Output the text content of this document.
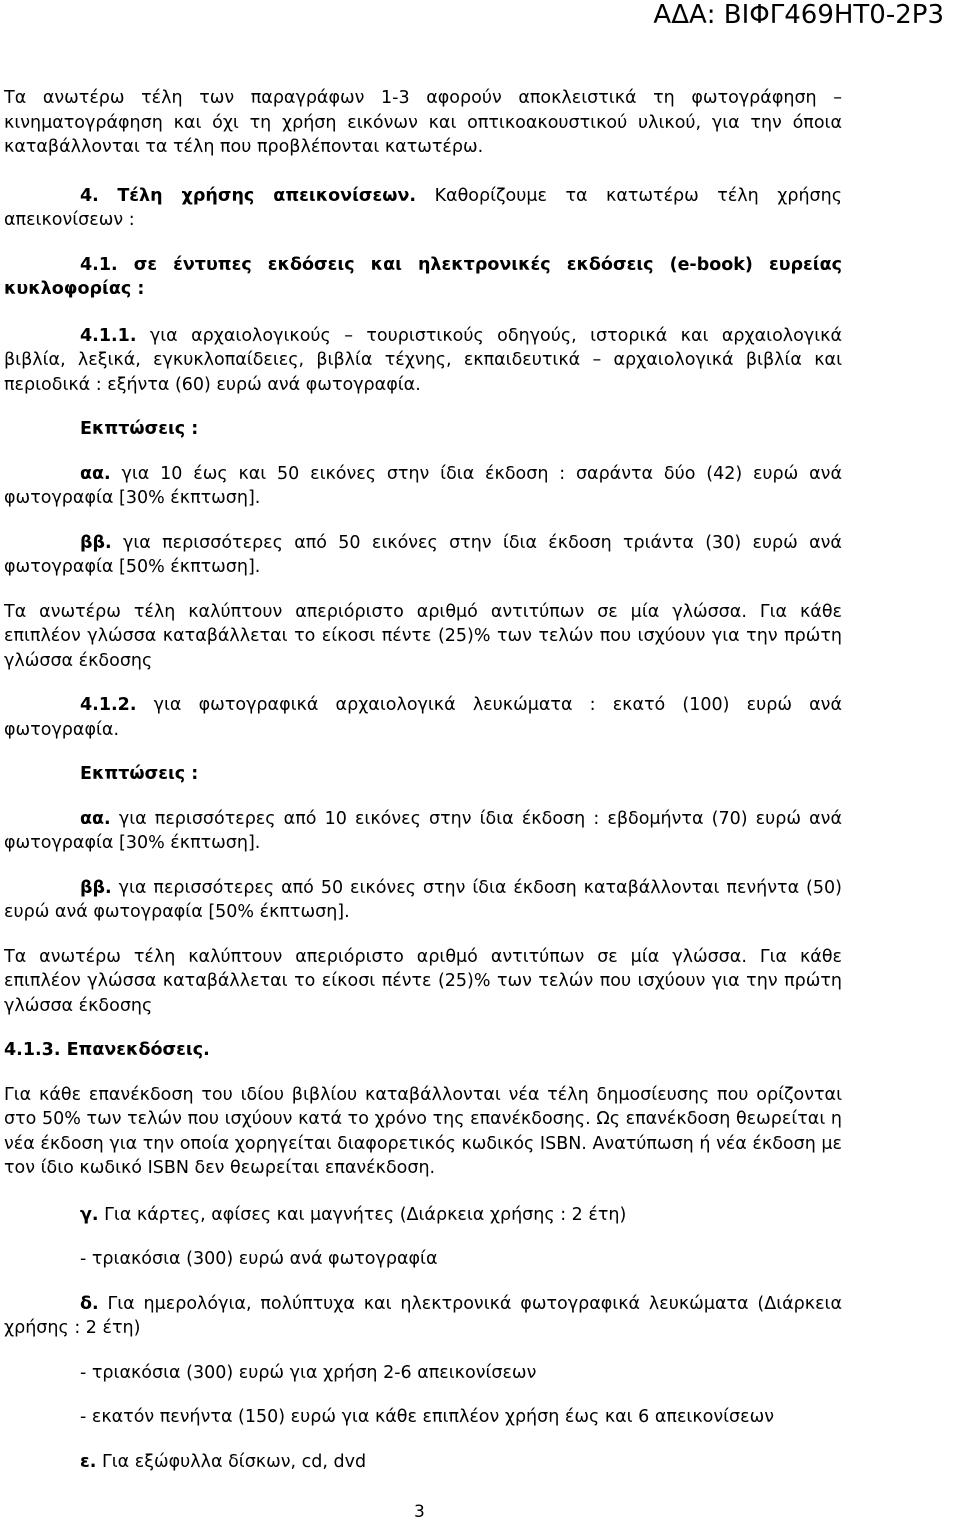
ΑΔΑ: ΒΙΦΓ469ΗΤ0-2Ρ3

Τα ανωτέρω τέλη των παραγράφων 1-3 αφορούν αποκλειστικά τη φωτογράφηση – κινηματογράφηση και όχι τη χρήση εικόνων και οπτικοακουστικού υλικού, για την όποια καταβάλλονται τα τέλη που προβλέπονται κατωτέρω.

4. Τέλη χρήσης απεικονίσεων. Καθορίζουμε τα κατωτέρω τέλη χρήσης απεικονίσεων :

4.1. σε έντυπες εκδόσεις και ηλεκτρονικές εκδόσεις (e-book) ευρείας κυκλοφορίας :

4.1.1. για αρχαιολογικούς – τουριστικούς οδηγούς, ιστορικά και αρχαιολογικά βιβλία, λεξικά, εγκυκλοπαίδειες, βιβλία τέχνης, εκπαιδευτικά – αρχαιολογικά βιβλία και περιοδικά : εξήντα (60) ευρώ ανά φωτογραφία.

Εκπτώσεις :

αα. για 10 έως και 50 εικόνες στην ίδια έκδοση : σαράντα δύο (42) ευρώ ανά φωτογραφία [30% έκπτωση].

ββ. για περισσότερες από 50 εικόνες στην ίδια έκδοση τριάντα (30) ευρώ ανά φωτογραφία [50% έκπτωση].

Τα ανωτέρω τέλη καλύπτουν απεριόριστο αριθμό αντιτύπων σε μία γλώσσα. Για κάθε επιπλέον γλώσσα καταβάλλεται το είκοσι πέντε (25)% των τελών που ισχύουν για την πρώτη γλώσσα έκδοσης

4.1.2. για φωτογραφικά αρχαιολογικά λευκώματα : εκατό (100) ευρώ ανά φωτογραφία.

Εκπτώσεις :

αα. για περισσότερες από 10 εικόνες στην ίδια έκδοση : εβδομήντα (70) ευρώ ανά φωτογραφία [30% έκπτωση].

ββ. για περισσότερες από 50 εικόνες στην ίδια έκδοση καταβάλλονται πενήντα (50) ευρώ ανά φωτογραφία [50% έκπτωση].

Τα ανωτέρω τέλη καλύπτουν απεριόριστο αριθμό αντιτύπων σε μία γλώσσα. Για κάθε επιπλέον γλώσσα καταβάλλεται το είκοσι πέντε (25)% των τελών που ισχύουν για την πρώτη γλώσσα έκδοσης

4.1.3. Επανεκδόσεις.

Για κάθε επανέκδοση του ιδίου βιβλίου καταβάλλονται νέα τέλη δημοσίευσης που ορίζονται στο 50% των τελών που ισχύουν κατά το χρόνο της επανέκδοσης. Ως επανέκδοση θεωρείται η νέα έκδοση για την οποία χορηγείται διαφορετικός κωδικός ISBN. Ανατύπωση ή νέα έκδοση με τον ίδιο κωδικό ISBN δεν θεωρείται επανέκδοση.

γ. Για κάρτες, αφίσες και μαγνήτες (Διάρκεια χρήσης : 2 έτη)

- τριακόσια (300) ευρώ ανά φωτογραφία

δ. Για ημερολόγια, πολύπτυχα και ηλεκτρονικά φωτογραφικά λευκώματα (Διάρκεια χρήσης : 2 έτη)

- τριακόσια (300) ευρώ για χρήση 2-6 απεικονίσεων

- εκατόν πενήντα (150) ευρώ για κάθε επιπλέον χρήση έως και 6 απεικονίσεων

ε. Για εξώφυλλα δίσκων, cd, dvd

3
